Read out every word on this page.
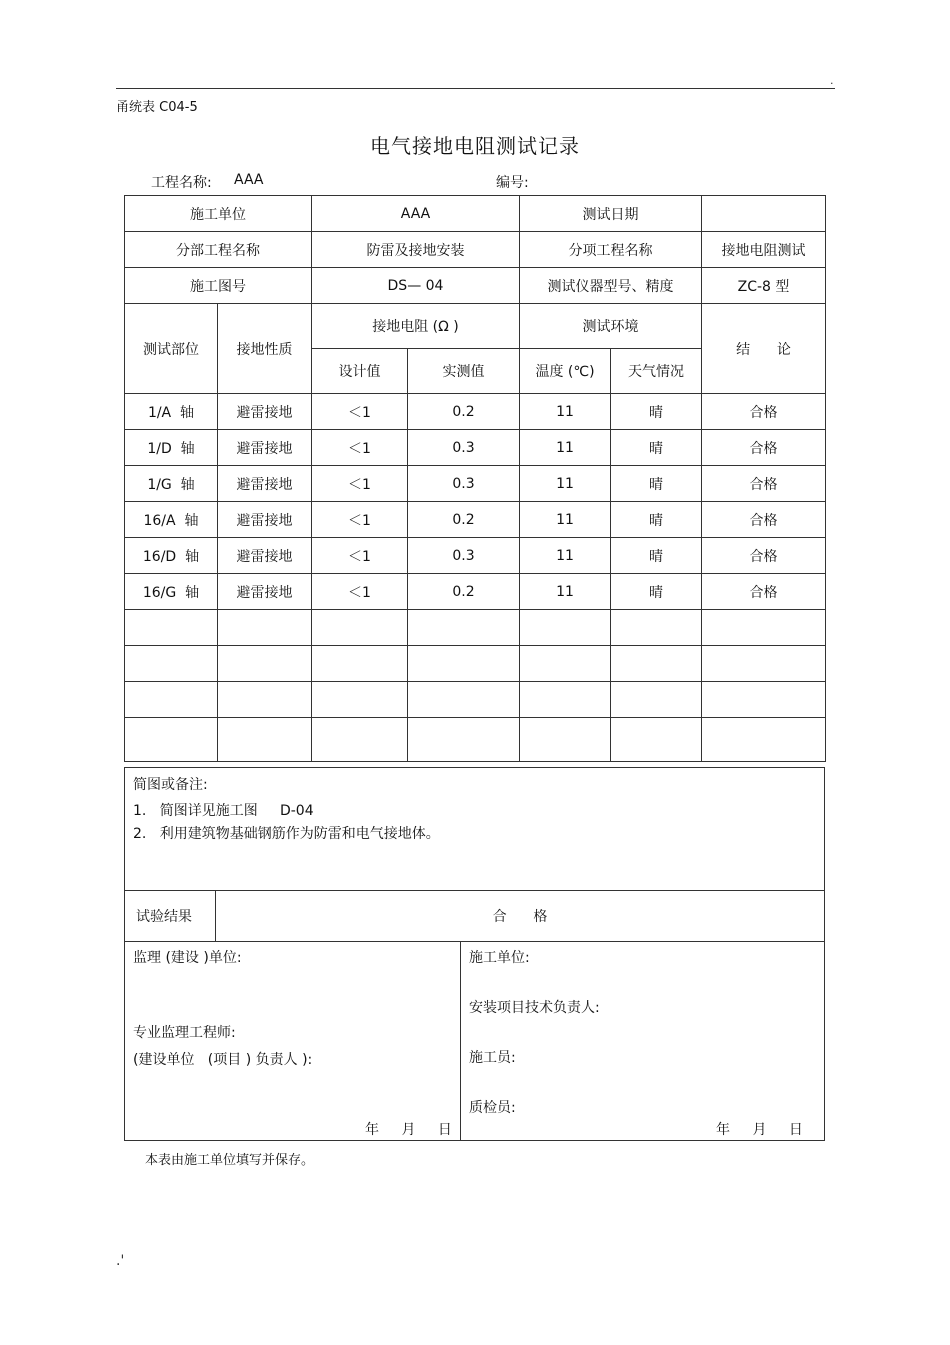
.
甬统表 C04-5
电气接地电阻测试记录
工程名称: AAA	编号:
施工单位		AAA		测试日期		
分部工程名称		防雷及接地安装		分项工程名称		接地电阻测试
施工图号		DS— 04		测试仪器型号、精度		ZC-8 型
测试部位	接地性质	接地电阻 (Ω )		测试环境		结      论
		设计值	实测值	温度 (℃)	天气情况	
1/A  轴	避雷接地	＜1	0.2	11	晴	合格
1/D  轴	避雷接地	＜1	0.3	11	晴	合格
1/G  轴	避雷接地	＜1	0.3	11	晴	合格
16/A  轴	避雷接地	＜1	0.2	11	晴	合格
16/D  轴	避雷接地	＜1	0.3	11	晴	合格
16/G  轴	避雷接地	＜1	0.2	11	晴	合格

简图或备注:
1.   简图详见施工图     D-04
2.   利用建筑物基础钢筋作为防雷和电气接地体。
试验结果	合      格
监理 (建设 )单位:
专业监理工程师:
(建设单位   (项目 ) 负责人 ):
年 月 日

施工单位:
安装项目技术负责人:
施工员:
质检员:
年 月 日
本表由施工单位填写并保存。
.'
